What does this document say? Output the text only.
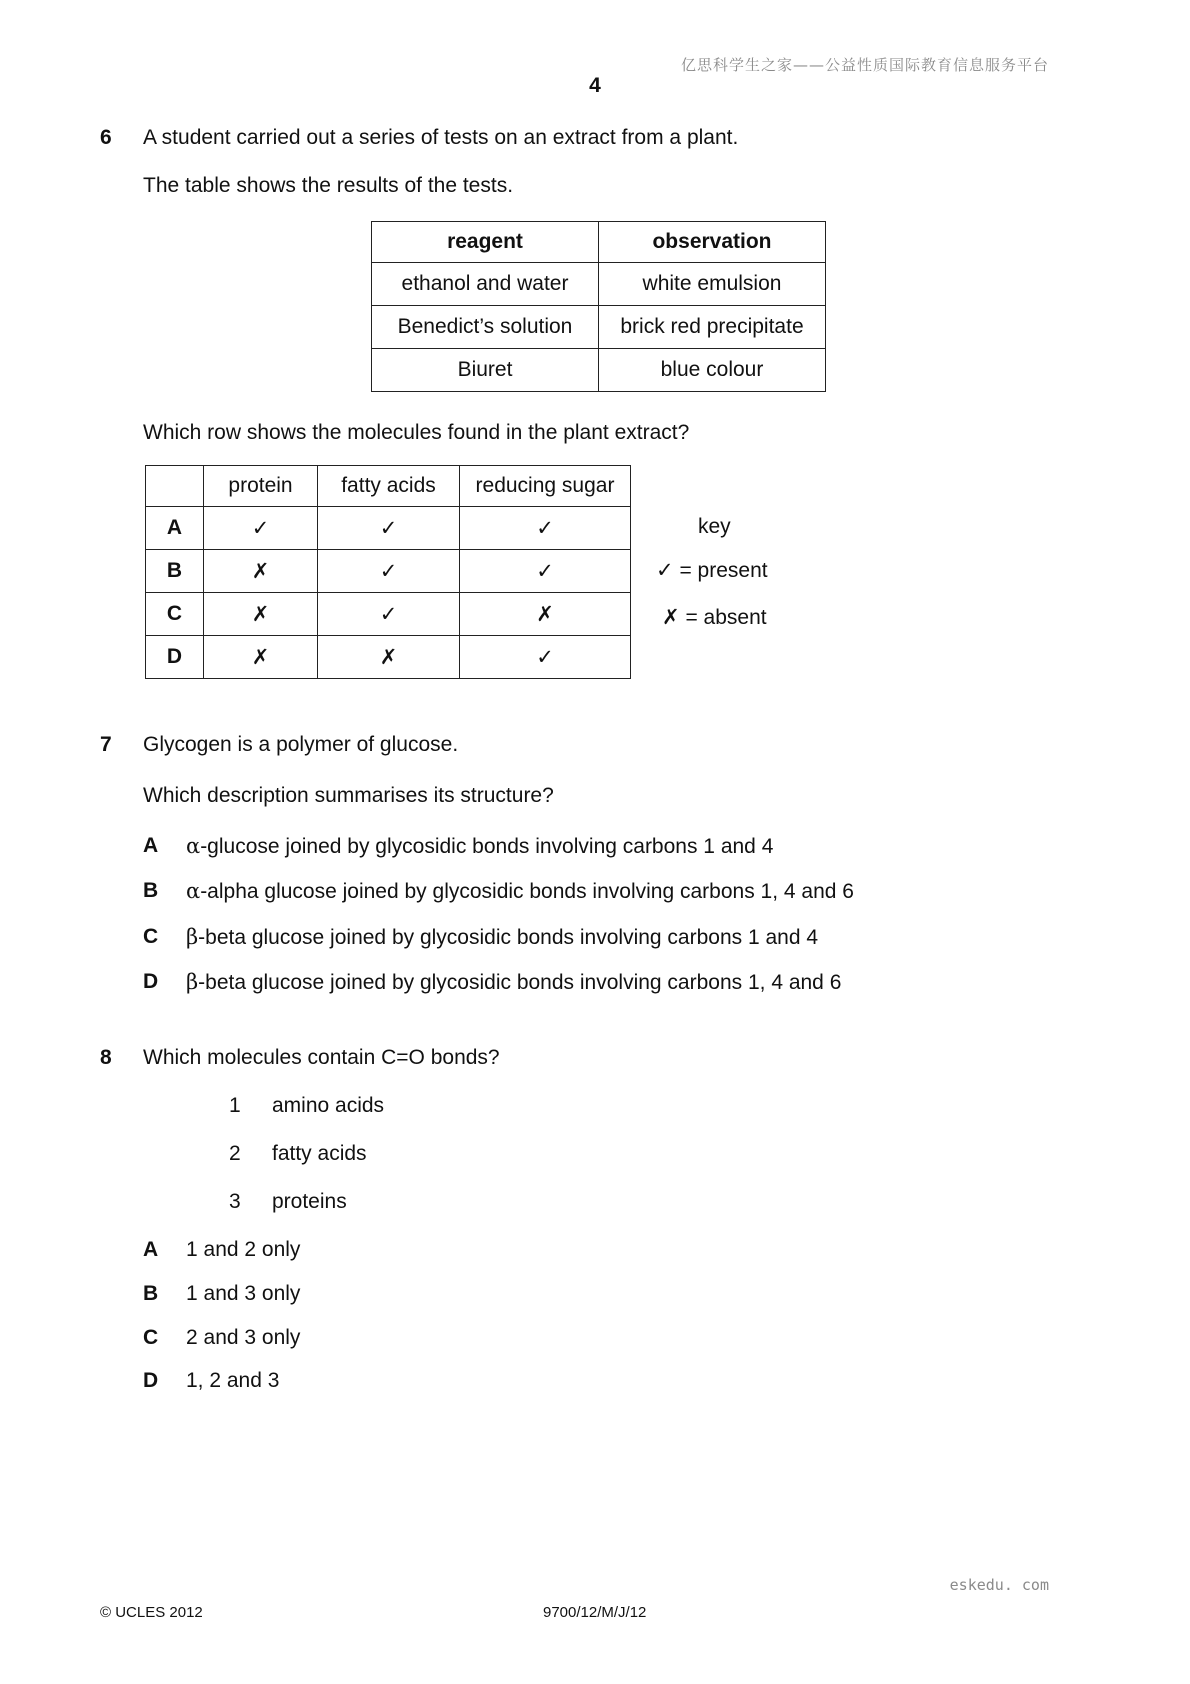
亿思科学生之家——公益性质国际教育信息服务平台
4
6 A student carried out a series of tests on an extract from a plant.
The table shows the results of the tests.
reagent	observation
ethanol and water	white emulsion
Benedict’s solution	brick red precipitate
Biuret	blue colour
Which row shows the molecules found in the plant extract?
	protein	fatty acids	reducing sugar
A	✓	✓	✓
B	✗	✓	✓
C	✗	✓	✗
D	✗	✗	✓
key
✓ = present
✗ = absent
7 Glycogen is a polymer of glucose.
Which description summarises its structure?
A α-glucose joined by glycosidic bonds involving carbons 1 and 4
B α-alpha glucose joined by glycosidic bonds involving carbons 1, 4 and 6
C β-beta glucose joined by glycosidic bonds involving carbons 1 and 4
D β-beta glucose joined by glycosidic bonds involving carbons 1, 4 and 6
8 Which molecules contain C=O bonds?
1 amino acids
2 fatty acids
3 proteins
A 1 and 2 only
B 1 and 3 only
C 2 and 3 only
D 1, 2 and 3
eskedu. com
© UCLES 2012	9700/12/M/J/12
